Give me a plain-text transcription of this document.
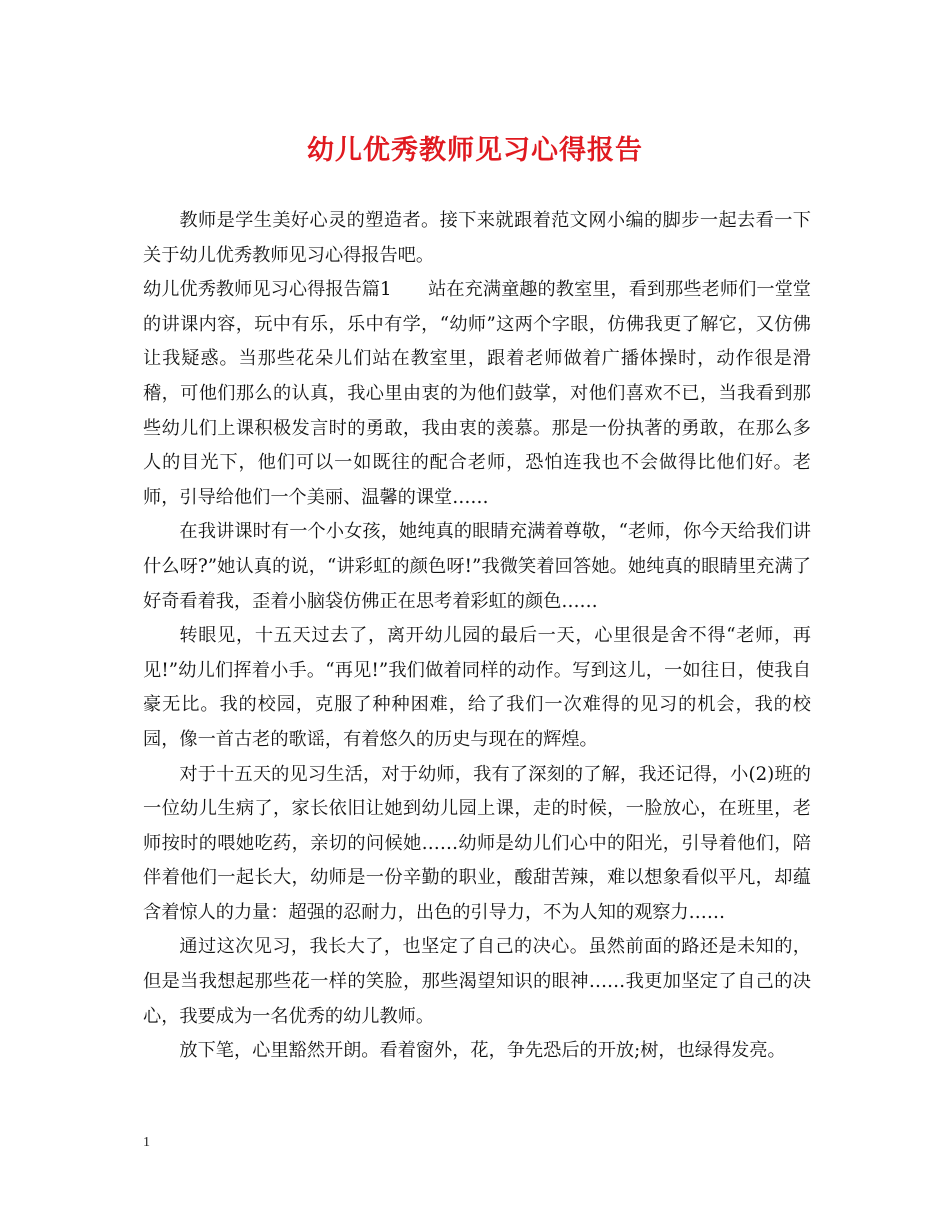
幼儿优秀教师见习心得报告

教师是学生美好心灵的塑造者。接下来就跟着范文网小编的脚步一起去看一下关于幼儿优秀教师见习心得报告吧。

幼儿优秀教师见习心得报告篇1　　站在充满童趣的教室里，看到那些老师们一堂堂的讲课内容，玩中有乐，乐中有学，“幼师”这两个字眼，仿佛我更了解它，又仿佛让我疑惑。当那些花朵儿们站在教室里，跟着老师做着广播体操时，动作很是滑稽，可他们那么的认真，我心里由衷的为他们鼓掌，对他们喜欢不已，当我看到那些幼儿们上课积极发言时的勇敢，我由衷的羡慕。那是一份执著的勇敢，在那么多人的目光下，他们可以一如既往的配合老师，恐怕连我也不会做得比他们好。老师，引导给他们一个美丽、温馨的课堂……

在我讲课时有一个小女孩，她纯真的眼睛充满着尊敬，“老师，你今天给我们讲什么呀?”她认真的说，“讲彩虹的颜色呀!”我微笑着回答她。她纯真的眼睛里充满了好奇看着我，歪着小脑袋仿佛正在思考着彩虹的颜色……

转眼见，十五天过去了，离开幼儿园的最后一天，心里很是舍不得“老师，再见!”幼儿们挥着小手。“再见!”我们做着同样的动作。写到这儿，一如往日，使我自豪无比。我的校园，克服了种种困难，给了我们一次难得的见习的机会，我的校园，像一首古老的歌谣，有着悠久的历史与现在的辉煌。

对于十五天的见习生活，对于幼师，我有了深刻的了解，我还记得，小(2)班的一位幼儿生病了，家长依旧让她到幼儿园上课，走的时候，一脸放心，在班里，老师按时的喂她吃药，亲切的问候她……幼师是幼儿们心中的阳光，引导着他们，陪伴着他们一起长大，幼师是一份辛勤的职业，酸甜苦辣，难以想象看似平凡，却蕴含着惊人的力量：超强的忍耐力，出色的引导力，不为人知的观察力……

通过这次见习，我长大了，也坚定了自己的决心。虽然前面的路还是未知的，但是当我想起那些花一样的笑脸，那些渴望知识的眼神……我更加坚定了自己的决心，我要成为一名优秀的幼儿教师。

放下笔，心里豁然开朗。看着窗外，花，争先恐后的开放;树，也绿得发亮。

1
